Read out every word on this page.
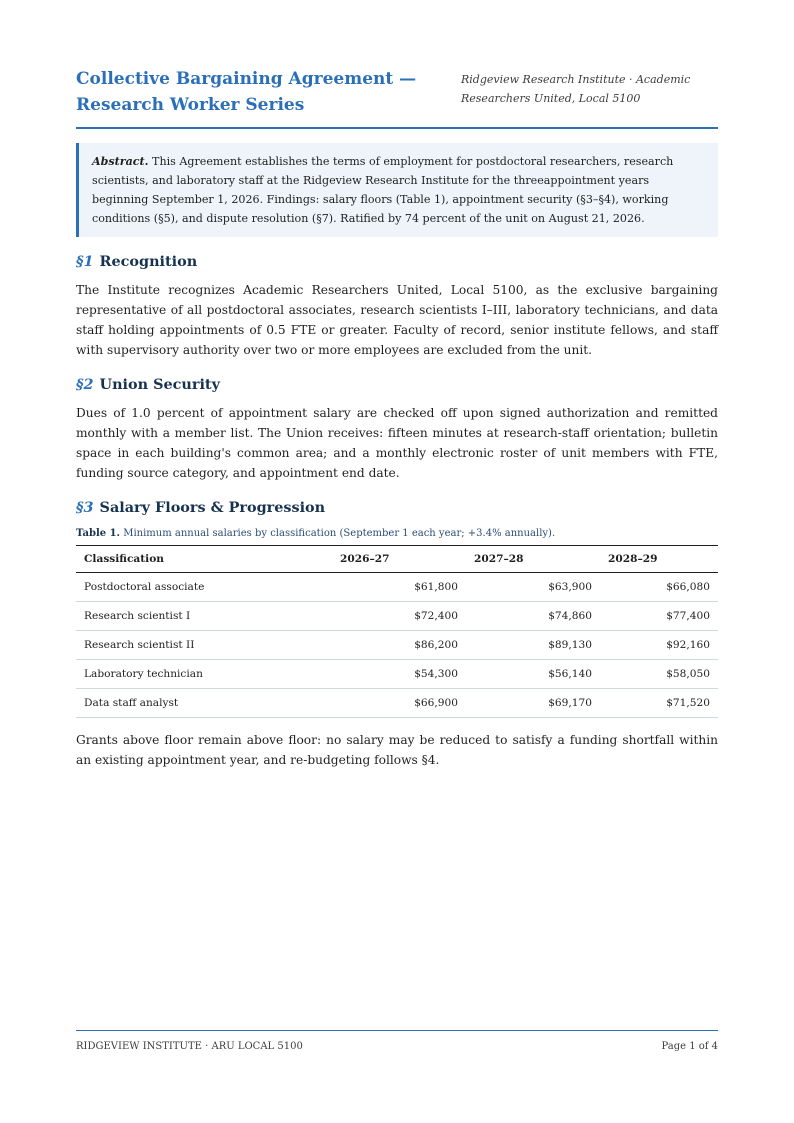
Collective Bargaining Agreement — Research Worker Series
Ridgeview Research Institute · Academic Researchers United, Local 5100
Abstract. This Agreement establishes the terms of employment for postdoctoral researchers, research scientists, and laboratory staff at the Ridgeview Research Institute for the threeappointment years beginning September 1, 2026. Findings: salary floors (Table 1), appointment security (§3–§4), working conditions (§5), and dispute resolution (§7). Ratified by 74 percent of the unit on August 21, 2026.
§1 Recognition

The Institute recognizes Academic Researchers United, Local 5100, as the exclusive bargaining representative of all postdoctoral associates, research scientists I–III, laboratory technicians, and data staff holding appointments of 0.5 FTE or greater. Faculty of record, senior institute fellows, and staff with supervisory authority over two or more employees are excluded from the unit.

§2 Union Security

Dues of 1.0 percent of appointment salary are checked off upon signed authorization and remitted monthly with a member list. The Union receives: fifteen minutes at research-staff orientation; bulletin space in each building's common area; and a monthly electronic roster of unit members with FTE, funding source category, and appointment end date.

§3 Salary Floors & Progression
Table 1. Minimum annual salaries by classification (September 1 each year; +3.4% annually).
Classification	2026–27	2027–28	2028–29
Postdoctoral associate	$61,800	$63,900	$66,080
Research scientist I	$72,400	$74,860	$77,400
Research scientist II	$86,200	$89,130	$92,160
Laboratory technician	$54,300	$56,140	$58,050
Data staff analyst	$66,900	$69,170	$71,520

Grants above floor remain above floor: no salary may be reduced to satisfy a funding shortfall within an existing appointment year, and re-budgeting follows §4.

RIDGEVIEW INSTITUTE · ARU LOCAL 5100	Page 1 of 4
